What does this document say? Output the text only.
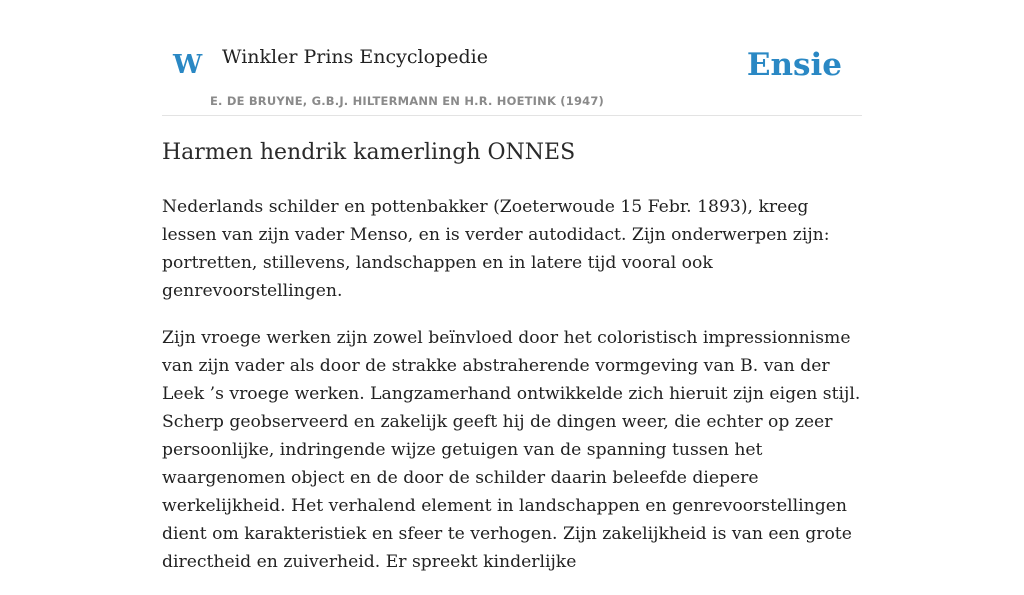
W Winkler Prins Encyclopedie
E. DE BRUYNE, G.B.J. HILTERMANN EN H.R. HOETINK (1947)
Ensie
Harmen hendrik kamerlingh ONNES

Nederlands schilder en pottenbakker (Zoeterwoude 15 Febr. 1893), kreeg lessen van zijn vader Menso, en is verder autodidact. Zijn onderwerpen zijn: portretten, stillevens, landschappen en in latere tijd vooral ook genrevoorstellingen.

Zijn vroege werken zijn zowel beïnvloed door het coloristisch impressionnisme van zijn vader als door de strakke abstraherende vormgeving van B. van der Leek ’s vroege werken. Langzamerhand ontwikkelde zich hieruit zijn eigen stijl. Scherp geobserveerd en zakelijk geeft hij de dingen weer, die echter op zeer persoonlijke, indringende wijze getuigen van de spanning tussen het waargenomen object en de door de schilder daarin beleefde diepere werkelijkheid. Het verhalend element in landschappen en genrevoorstellingen dient om karakteristiek en sfeer te verhogen. Zijn zakelijkheid is van een grote directheid en zuiverheid. Er spreekt kinderlijke
